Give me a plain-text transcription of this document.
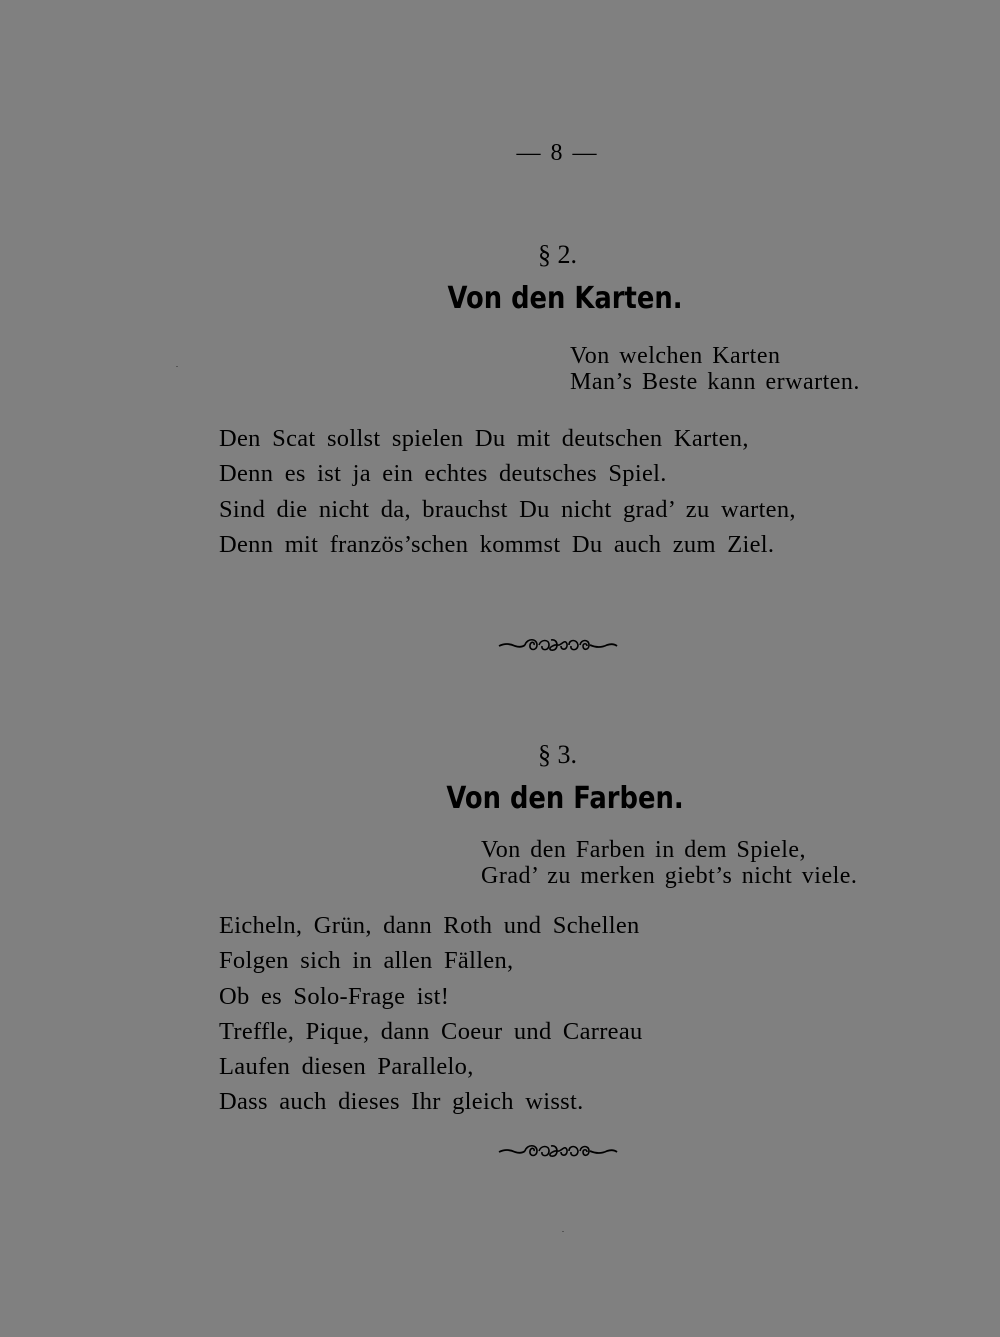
— 8 —
§ 2.
Von den Karten.
Von welchen Karten
Man’s Beste kann erwarten.
Den Scat sollst spielen Du mit deutschen Karten,
Denn es ist ja ein echtes deutsches Spiel.
Sind die nicht da, brauchst Du nicht grad’ zu warten,
Denn mit französ’schen kommst Du auch zum Ziel.
§ 3.
Von den Farben.
Von den Farben in dem Spiele,
Grad’ zu merken giebt’s nicht viele.
Eicheln, Grün, dann Roth und Schellen
Folgen sich in allen Fällen,
Ob es Solo-Frage ist!
Treffle, Pique, dann Coeur und Carreau
Laufen diesen Parallelo,
Dass auch dieses Ihr gleich wisst.
